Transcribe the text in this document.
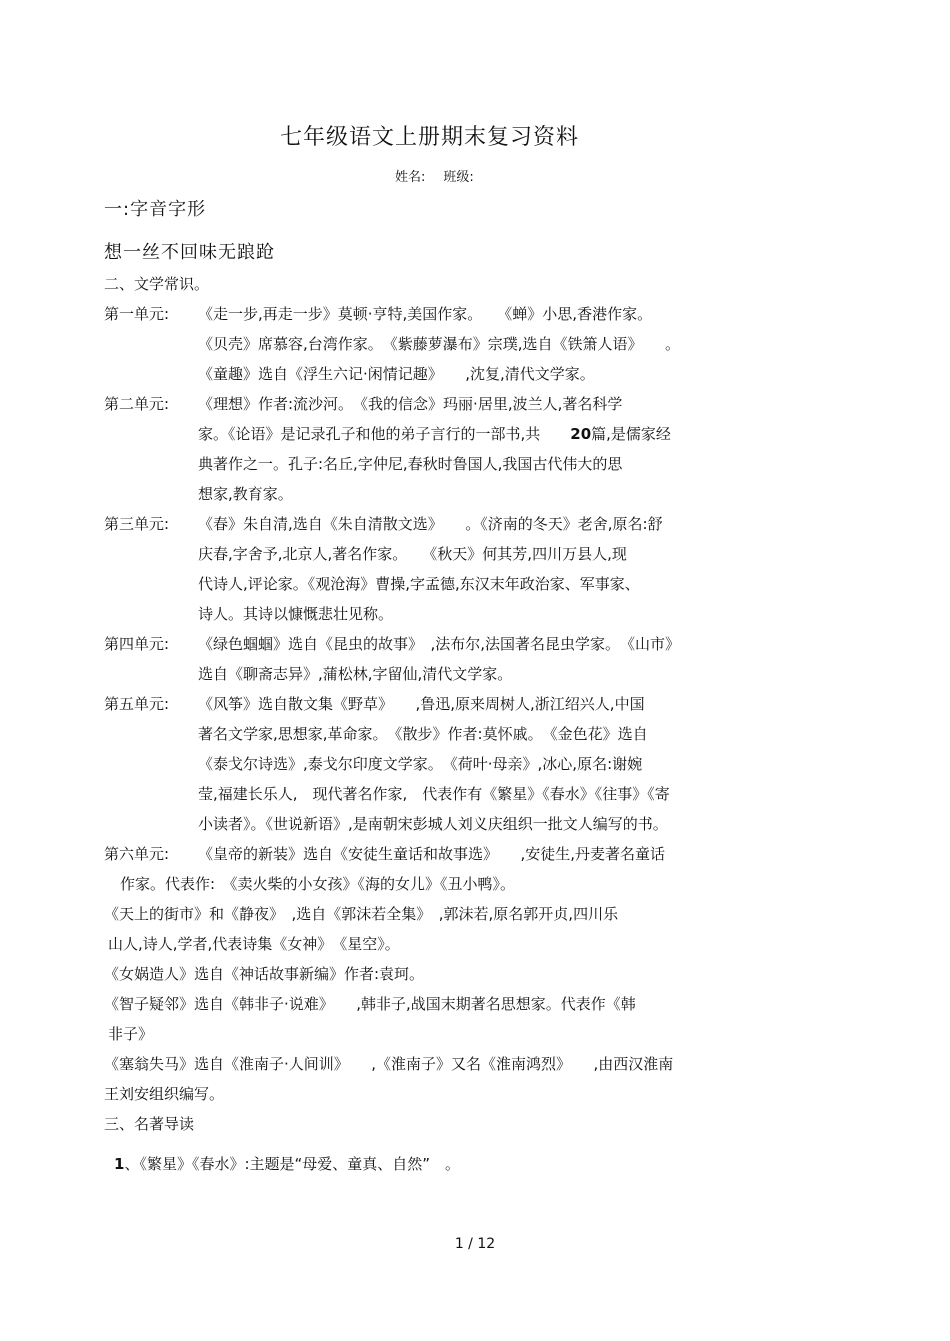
七年级语文上册期末复习资料
姓名: 班级:
一:字音字形
想一丝不回味无踉跄
二、文学常识。
第一单元: 《走一步,再走一步》莫顿·亨特,美国作家。　　《蝉》小思,香港作家。
《贝壳》席慕容,台湾作家。　《紫藤萝瀑布》宗璞,选自《铁箫人语》　　。
《童趣》选自《浮生六记·闲情记趣》　　,沈复,清代文学家。
第二单元: 《理想》作者:流沙河。　《我的信念》玛丽·居里,波兰人,著名科学
家。《论语》是记录孔子和他的弟子言行的一部书,共　　20篇,是儒家经
典著作之一。孔子:名丘,字仲尼,春秋时鲁国人,我国古代伟大的思
想家,教育家。
第三单元: 《春》朱自清,选自《朱自清散文选》　　。《济南的冬天》老舍,原名:舒
庆春,字舍予,北京人,著名作家。　　《秋天》何其芳,四川万县人,现
代诗人,评论家。《观沧海》曹操,字孟德,东汉末年政治家、军事家、
诗人。其诗以慷慨悲壮见称。
第四单元: 《绿色蝈蝈》选自《昆虫的故事》　,法布尔,法国著名昆虫学家。　《山市》
选自《聊斋志异》,蒲松林,字留仙,清代文学家。
第五单元: 《风筝》选自散文集《野草》　　,鲁迅,原来周树人,浙江绍兴人,中国
著名文学家,思想家,革命家。　《散步》作者:莫怀戚。　《金色花》选自
《泰戈尔诗选》,泰戈尔印度文学家。　《荷叶·母亲》,冰心,原名:谢婉
莹,福建长乐人,　现代著名作家,　代表作有《繁星》《春水》《往事》《寄
小读者》。《世说新语》,是南朝宋彭城人刘义庆组织一批文人编写的书。
第六单元: 《皇帝的新装》选自《安徒生童话和故事选》　　,安徒生,丹麦著名童话
作家。代表作:　《卖火柴的小女孩》《海的女儿》《丑小鸭》。
《天上的街市》和《静夜》　,选自《郭沫若全集》　,郭沫若,原名郭开贞,四川乐
山人,诗人,学者,代表诗集《女神》　《星空》。
《女娲造人》选自《神话故事新编》作者:袁珂。
《智子疑邻》选自《韩非子·说难》　　,韩非子,战国末期著名思想家。代表作《韩
非子》
《塞翁失马》选自《淮南子·人间训》　　,《淮南子》又名《淮南鸿烈》　　,由西汉淮南
王刘安组织编写。
三、名著导读
1、《繁星》《春水》:主题是“母爱、童真、自然”　。
1 / 12
